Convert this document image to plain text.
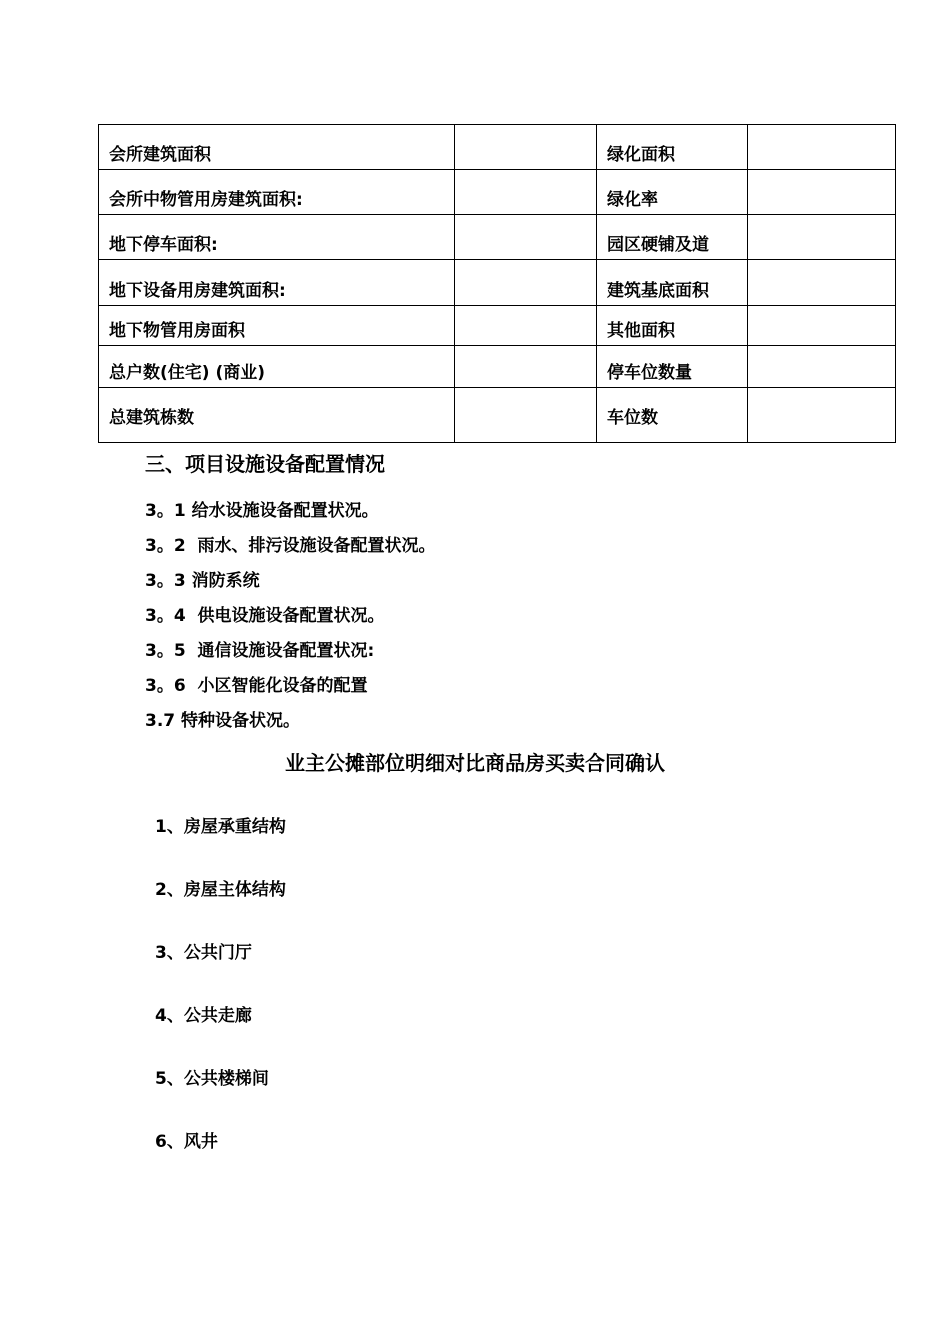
会所建筑面积		绿化面积	
会所中物管用房建筑面积:		绿化率	
地下停车面积:		园区硬铺及道	
地下设备用房建筑面积:		建筑基底面积	
地下物管用房面积		其他面积	
总户数(住宅) (商业)		停车位数量	
总建筑栋数		车位数	
三、项目设施设备配置情况
3。1 给水设施设备配置状况。
3。2  雨水、排污设施设备配置状况。
3。3 消防系统
3。4  供电设施设备配置状况。
3。5  通信设施设备配置状况:
3。6  小区智能化设备的配置
3.7 特种设备状况。
业主公摊部位明细对比商品房买卖合同确认
1、房屋承重结构
2、房屋主体结构
3、公共门厅
4、公共走廊
5、公共楼梯间
6、风井
